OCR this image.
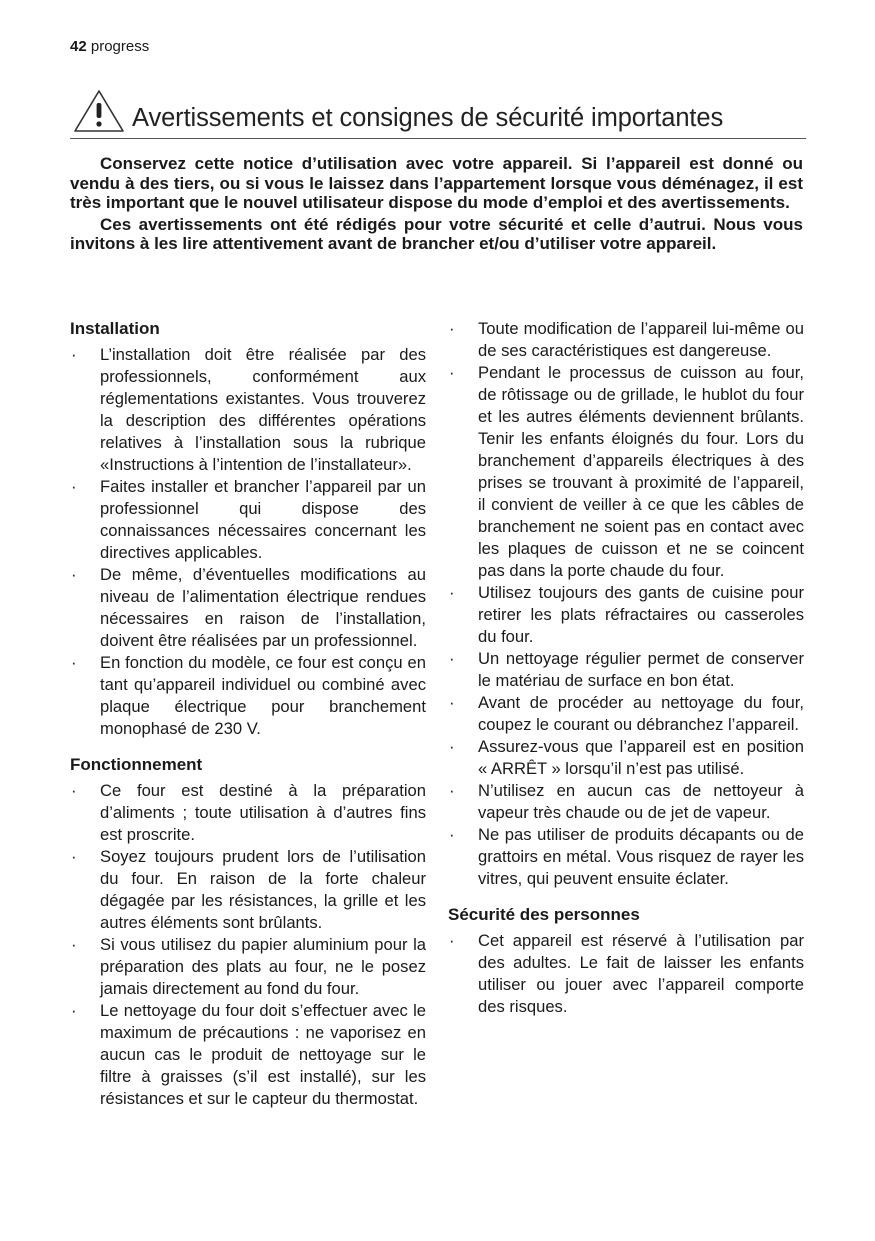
42 progress
Avertissements et consignes de sécurité importantes

Conservez cette notice d’utilisation avec votre appareil. Si l’appareil est donné ou vendu à des tiers, ou si vous le laissez dans l’appartement lorsque vous déménagez, il est très important que le nouvel utilisateur dispose du mode d’emploi et des avertissements.

Ces avertissements ont été rédigés pour votre sécurité et celle d’autrui. Nous vous invitons à les lire attentivement avant de brancher et/ou d’utiliser votre appareil.

Installation
· L’installation doit être réalisée par des professionnels, conformément aux réglementations existantes. Vous trouverez la description des différentes opérations relatives à l’installation sous la rubrique «Instructions à l’intention de l’installateur».
· Faites installer et brancher l’appareil par un professionnel qui dispose des connaissances nécessaires concernant les directives applicables.
· De même, d’éventuelles modifications au niveau de l’alimentation électrique rendues nécessaires en raison de l’installation, doivent être réalisées par un professionnel.
· En fonction du modèle, ce four est conçu en tant qu’appareil individuel ou combiné avec plaque électrique pour branchement monophasé de 230 V.
Fonctionnement
· Ce four est destiné à la préparation d’aliments ; toute utilisation à d’autres fins est proscrite.
· Soyez toujours prudent lors de l’utilisation du four. En raison de la forte chaleur dégagée par les résistances, la grille et les autres éléments sont brûlants.
· Si vous utilisez du papier aluminium pour la préparation des plats au four, ne le posez jamais directement au fond du four.
· Le nettoyage du four doit s’effectuer avec le maximum de précautions : ne vaporisez en aucun cas le produit de nettoyage sur le filtre à graisses (s’il est installé), sur les résistances et sur le capteur du thermostat.
· Toute modification de l’appareil lui-même ou de ses caractéristiques est dangereuse.
· Pendant le processus de cuisson au four, de rôtissage ou de grillade, le hublot du four et les autres éléments deviennent brûlants. Tenir les enfants éloignés du four. Lors du branchement d’appareils électriques à des prises se trouvant à proximité de l’appareil, il convient de veiller à ce que les câbles de branchement ne soient pas en contact avec les plaques de cuisson et ne se coincent pas dans la porte chaude du four.
· Utilisez toujours des gants de cuisine pour retirer les plats réfractaires ou casseroles du four.
· Un nettoyage régulier permet de conserver le matériau de surface en bon état.
· Avant de procéder au nettoyage du four, coupez le courant ou débranchez l’appareil.
· Assurez-vous que l’appareil est en position « ARRÊT » lorsqu’il n’est pas utilisé.
· N’utilisez en aucun cas de nettoyeur à vapeur très chaude ou de jet de vapeur.
· Ne pas utiliser de produits décapants ou de grattoirs en métal. Vous risquez de rayer les vitres, qui peuvent ensuite éclater.
Sécurité des personnes
· Cet appareil est réservé à l’utilisation par des adultes. Le fait de laisser les enfants utiliser ou jouer avec l’appareil comporte des risques.
